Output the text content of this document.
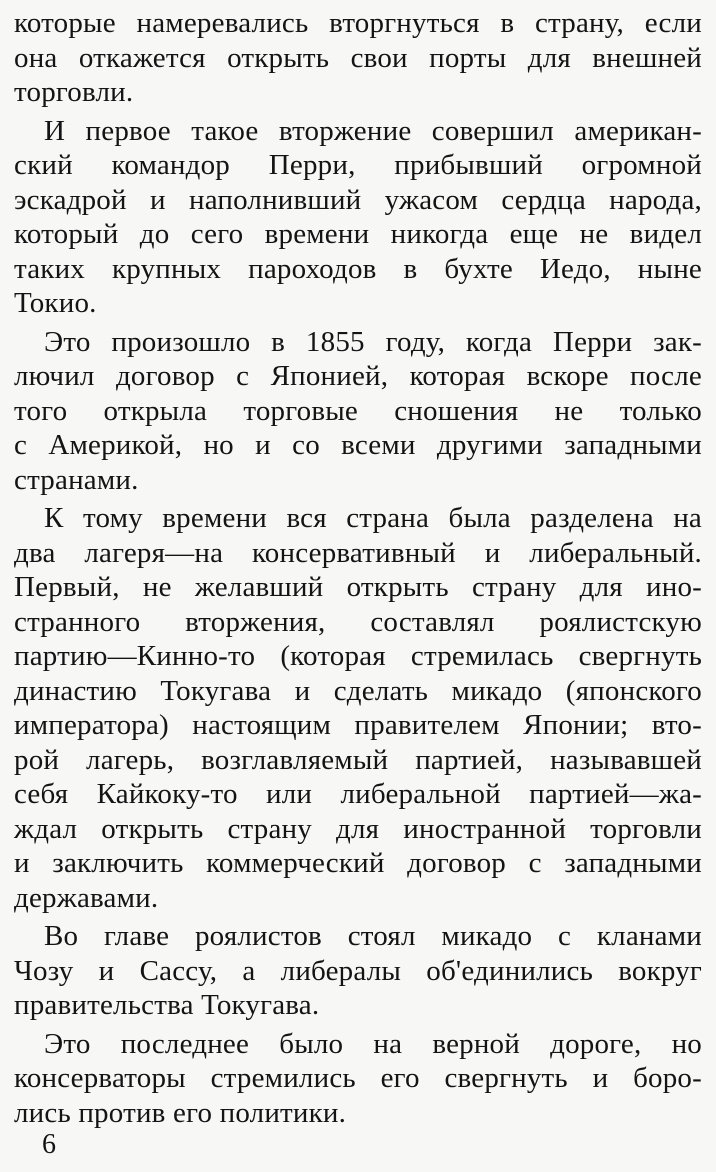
которые намеревались вторгнуться в страну, если
она откажется открыть свои порты для внешней
торговли.

И первое такое вторжение совершил американ-
ский командор Перри, прибывший огромной
эскадрой и наполнивший ужасом сердца народа,
который до сего времени никогда еще не видел
таких крупных пароходов в бухте Иедо, ныне
Токио.

Это произошло в 1855 году, когда Перри зак-
лючил договор с Японией, которая вскоре после
того открыла торговые сношения не только
с Америкой, но и со всеми другими западными
странами.

К тому времени вся страна была разделена на
два лагеря—на консервативный и либеральный.
Первый, не желавший открыть страну для ино-
странного вторжения, составлял роялистскую
партию—Кинно-то (которая стремилась свергнуть
династию Токугава и сделать микадо (японского
императора) настоящим правителем Японии; вто-
рой лагерь, возглавляемый партией, называвшей
себя Кайкоку-то или либеральной партией—жа-
ждал открыть страну для иностранной торговли
и заключить коммерческий договор с западными
державами.

Во главе роялистов стоял микадо с кланами
Чозу и Сассу, а либералы об'единились вокруг
правительства Токугава.

Это последнее было на верной дороге, но
консерваторы стремились его свергнуть и боро-
лись против его политики.

6
